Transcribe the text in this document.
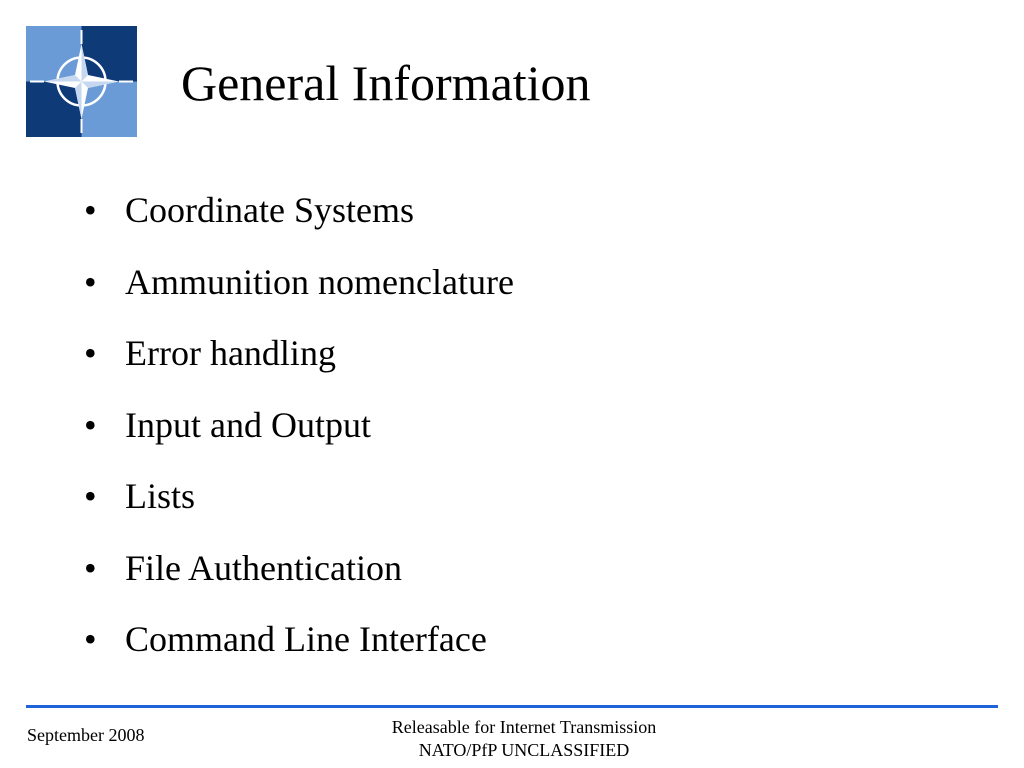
General Information
• Coordinate Systems
• Ammunition nomenclature
• Error handling
• Input and Output
• Lists
• File Authentication
• Command Line Interface
September 2008	Releasable for Internet Transmission
NATO/PfP UNCLASSIFIED
